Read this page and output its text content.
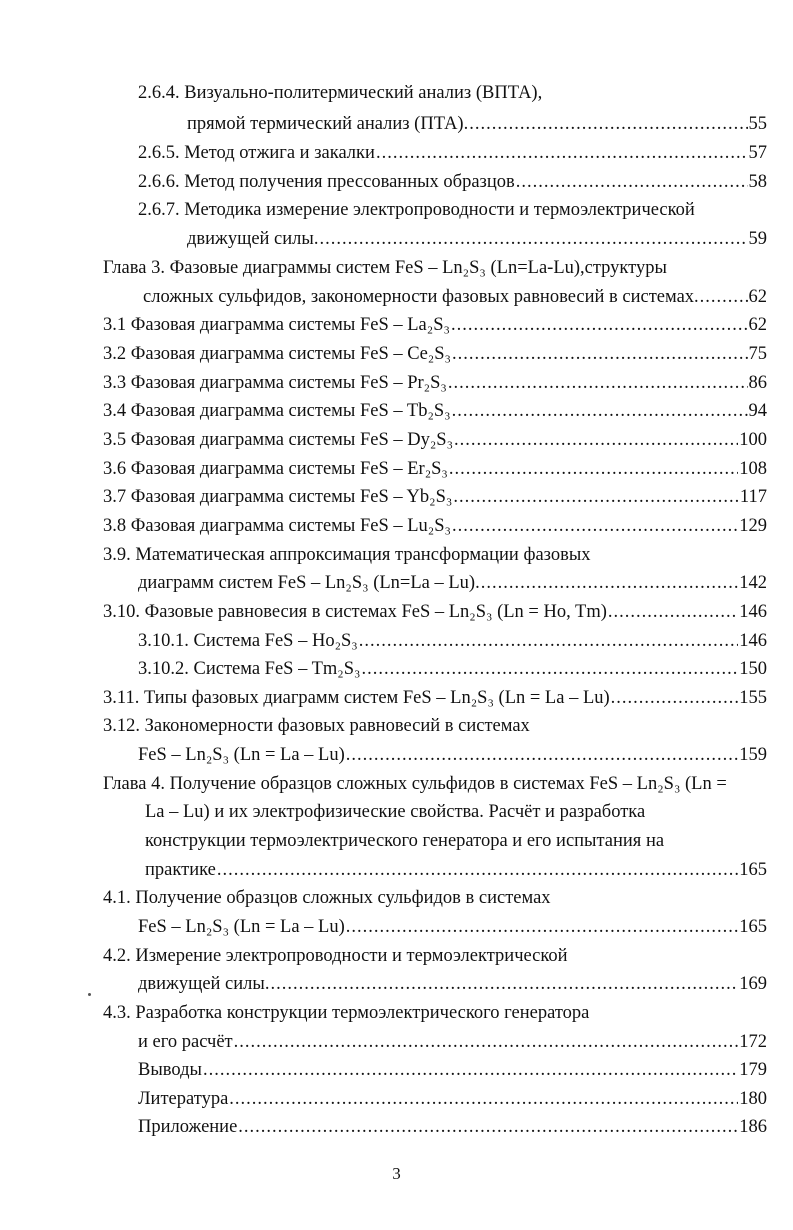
2.6.4. Визуально-политермический анализ (ВПТА),
прямой термический анализ (ПТА). .....	55
2.6.5. Метод отжига и закалки .....	57
2.6.6. Метод получения прессованных образцов .....	58
2.6.7. Методика измерение электропроводности и термоэлектрической
движущей силы. .....	59
Глава 3. Фазовые диаграммы систем FeS – Ln₂S₃ (Ln=La-Lu),структуры
сложных сульфидов, закономерности фазовых равновесий в системах. .....	62
3.1 Фазовая диаграмма системы FeS – La₂S₃ .....	62
3.2 Фазовая диаграмма системы FeS – Ce₂S₃ .....	75
3.3 Фазовая диаграмма системы FeS – Pr₂S₃ .....	86
3.4 Фазовая диаграмма системы FeS – Tb₂S₃ .....	94
3.5 Фазовая диаграмма системы FeS – Dy₂S₃ .....	100
3.6 Фазовая диаграмма системы FeS – Er₂S₃ .....	108
3.7 Фазовая диаграмма системы FeS – Yb₂S₃ .....	117
3.8 Фазовая диаграмма системы FeS – Lu₂S₃ .....	129
3.9. Математическая аппроксимация трансформации фазовых
диаграмм систем FeS – Ln₂S₃ (Ln=La – Lu). .....	142
3.10. Фазовые равновесия в системах FeS – Ln₂S₃ (Ln = Ho, Tm) .....	146
3.10.1. Система FeS – Ho₂S₃ .....	146
3.10.2. Система FeS – Tm₂S₃ .....	150
3.11. Типы фазовых диаграмм систем FeS – Ln₂S₃ (Ln = La – Lu) .....	155
3.12. Закономерности фазовых равновесий в системах
FeS – Ln₂S₃ (Ln = La – Lu) .....	159
Глава 4. Получение образцов сложных сульфидов в системах FeS – Ln₂S₃ (Ln =
La – Lu) и их электрофизические свойства. Расчёт и разработка
конструкции термоэлектрического генератора и его испытания на
практике .....	165
4.1. Получение образцов сложных сульфидов в системах
FeS – Ln₂S₃ (Ln = La – Lu) .....	165
4.2. Измерение электропроводности и термоэлектрической
движущей силы. .....	169
4.3. Разработка конструкции термоэлектрического генератора
и его расчёт .....	172
Выводы .....	179
Литература .....	180
Приложение .....	186
3
